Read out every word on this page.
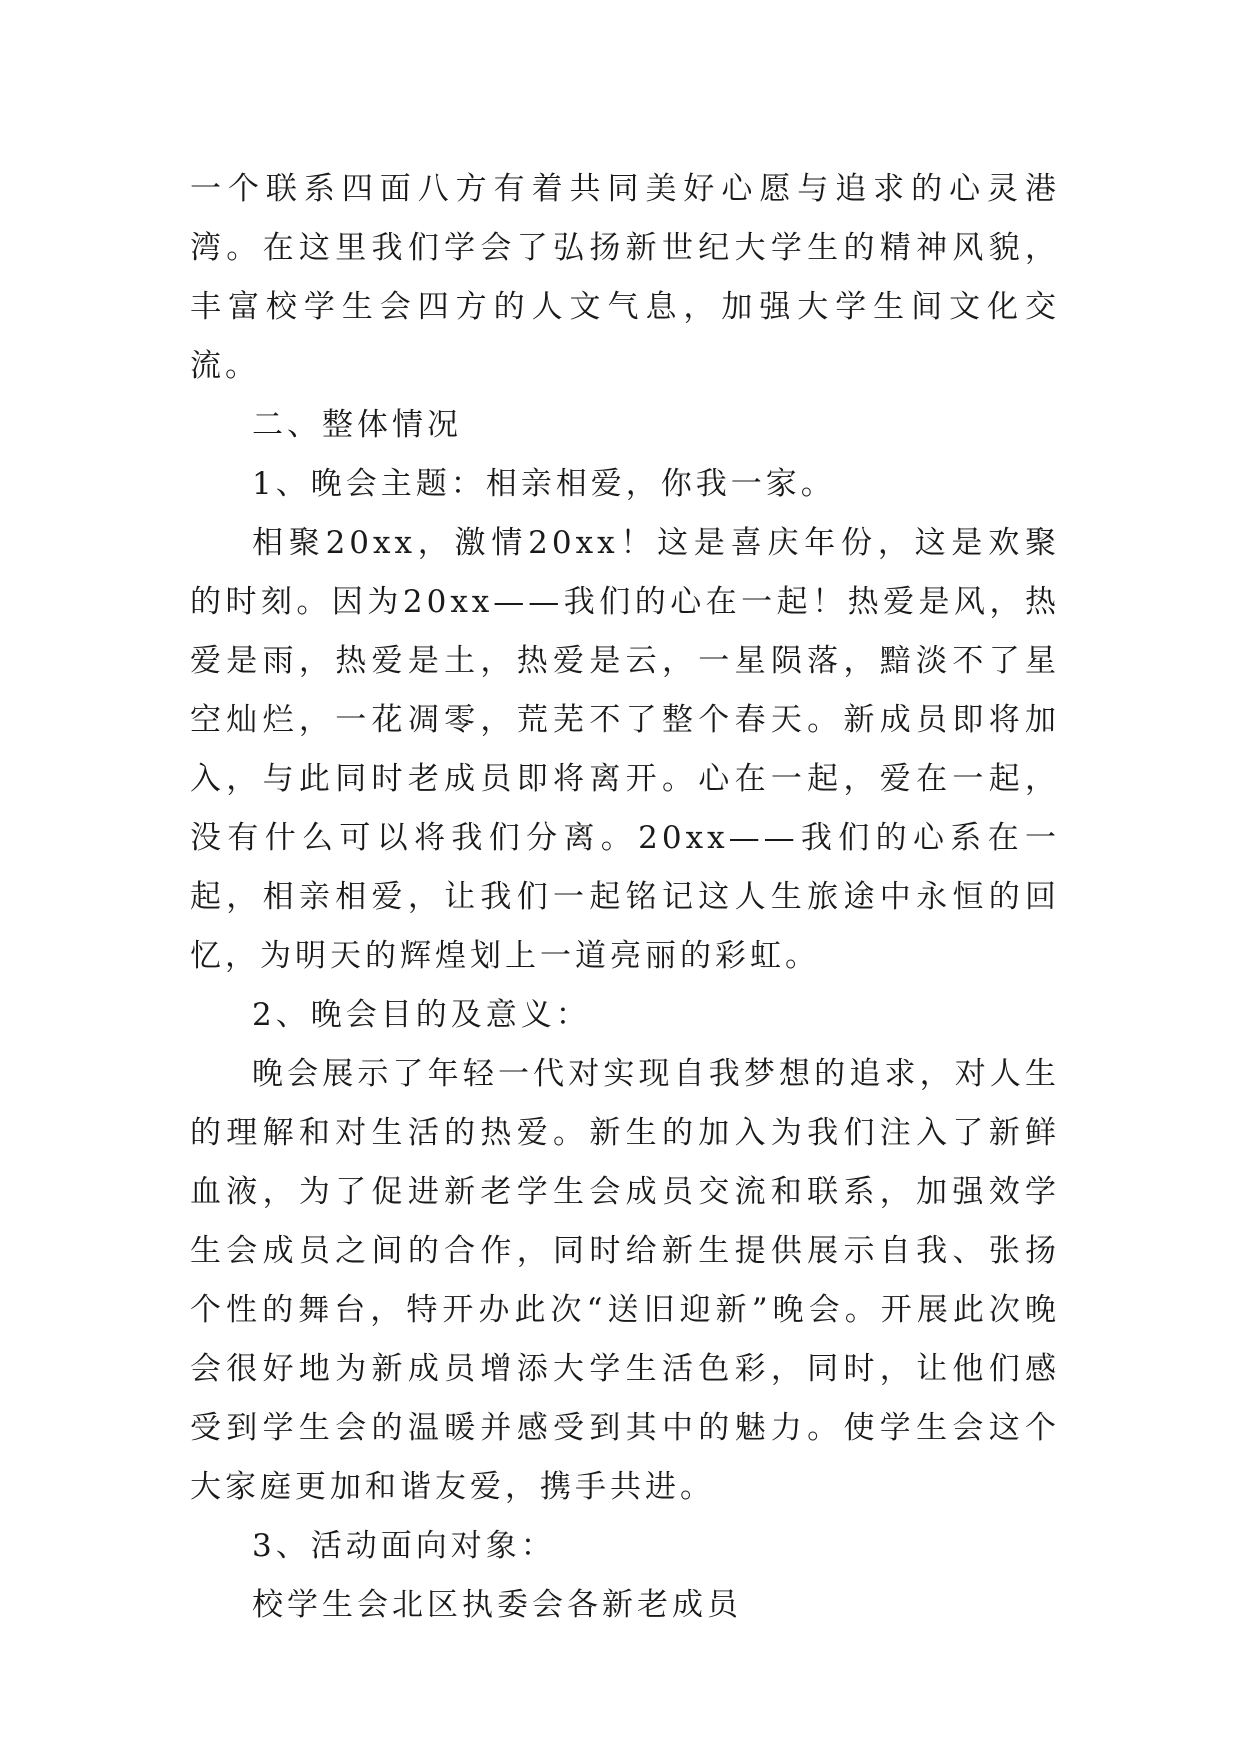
一个联系四面八方有着共同美好心愿与追求的心灵港湾。在这里我们学会了弘扬新世纪大学生的精神风貌，丰富校学生会四方的人文气息，加强大学生间文化交流。

二、整体情况

1、晚会主题：相亲相爱，你我一家。

相聚20xx，激情20xx！这是喜庆年份，这是欢聚的时刻。因为20xx——我们的心在一起！热爱是风，热爱是雨，热爱是土，热爱是云，一星陨落，黯淡不了星空灿烂，一花凋零，荒芜不了整个春天。新成员即将加入，与此同时老成员即将离开。心在一起，爱在一起，没有什么可以将我们分离。20xx——我们的心系在一起，相亲相爱，让我们一起铭记这人生旅途中永恒的回忆，为明天的辉煌划上一道亮丽的彩虹。

2、晚会目的及意义：

晚会展示了年轻一代对实现自我梦想的追求，对人生的理解和对生活的热爱。新生的加入为我们注入了新鲜血液，为了促进新老学生会成员交流和联系，加强效学生会成员之间的合作，同时给新生提供展示自我、张扬个性的舞台，特开办此次“送旧迎新”晚会。开展此次晚会很好地为新成员增添大学生活色彩，同时，让他们感受到学生会的温暖并感受到其中的魅力。使学生会这个大家庭更加和谐友爱，携手共进。

3、活动面向对象：

校学生会北区执委会各新老成员
